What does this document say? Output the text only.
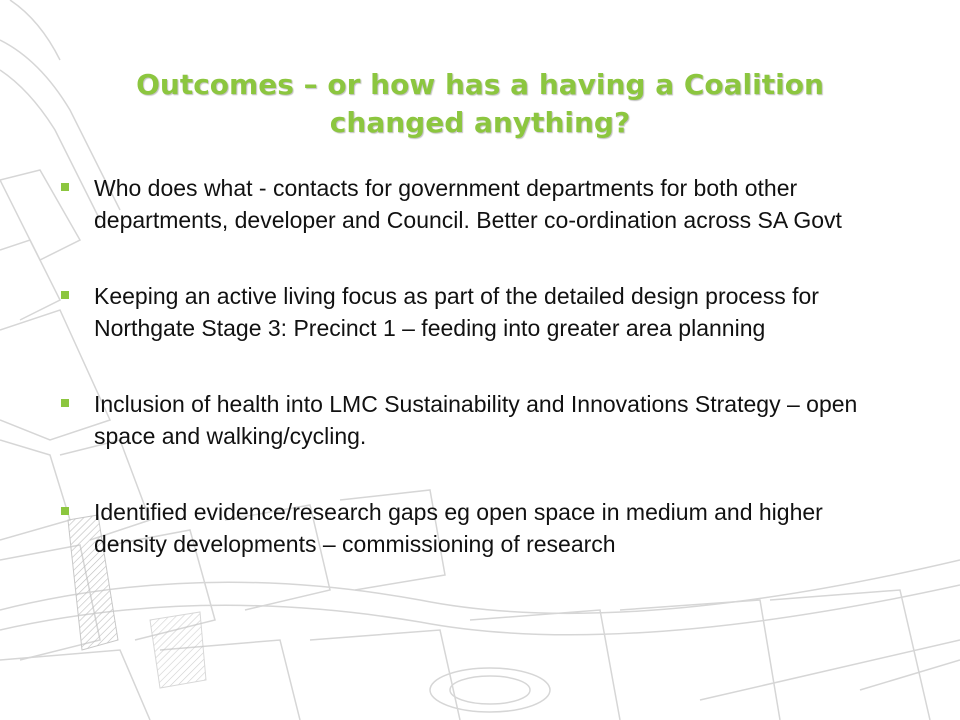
Outcomes – or how has a having a Coalition
changed anything?
Who does what - contacts for government departments for both other departments, developer and Council. Better co-ordination across SA Govt
Keeping an active living focus as part of the detailed design process for Northgate Stage 3: Precinct 1 – feeding into greater area planning
Inclusion of health into LMC Sustainability and Innovations Strategy – open space and walking/cycling.
Identified evidence/research gaps eg open space in medium and higher density developments – commissioning of research
